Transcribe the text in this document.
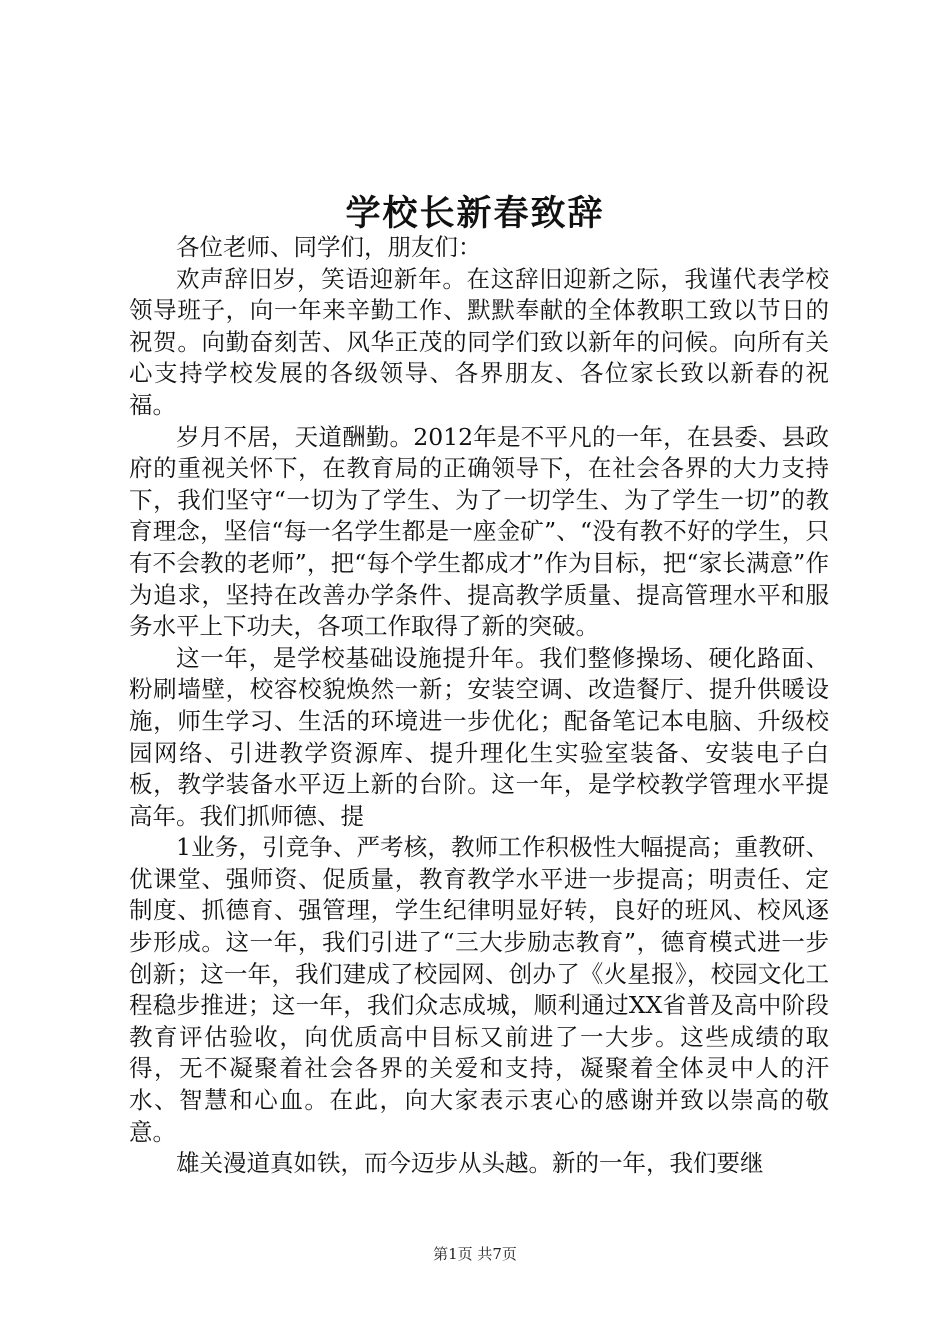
学校长新春致辞

各位老师、同学们，朋友们：

欢声辞旧岁，笑语迎新年。在这辞旧迎新之际，我谨代表学校领导班子，向一年来辛勤工作、默默奉献的全体教职工致以节日的祝贺。向勤奋刻苦、风华正茂的同学们致以新年的问候。向所有关心支持学校发展的各级领导、各界朋友、各位家长致以新春的祝福。

岁月不居，天道酬勤。2012年是不平凡的一年，在县委、县政府的重视关怀下，在教育局的正确领导下，在社会各界的大力支持下，我们坚守“一切为了学生、为了一切学生、为了学生一切”的教育理念，坚信“每一名学生都是一座金矿”、“没有教不好的学生，只有不会教的老师”，把“每个学生都成才”作为目标，把“家长满意”作为追求，坚持在改善办学条件、提高教学质量、提高管理水平和服务水平上下功夫，各项工作取得了新的突破。

这一年，是学校基础设施提升年。我们整修操场、硬化路面、粉刷墙壁，校容校貌焕然一新；安装空调、改造餐厅、提升供暖设施，师生学习、生活的环境进一步优化；配备笔记本电脑、升级校园网络、引进教学资源库、提升理化生实验室装备、安装电子白板，教学装备水平迈上新的台阶。这一年，是学校教学管理水平提高年。我们抓师德、提

1业务，引竞争、严考核，教师工作积极性大幅提高；重教研、优课堂、强师资、促质量，教育教学水平进一步提高；明责任、定制度、抓德育、强管理，学生纪律明显好转，良好的班风、校风逐步形成。这一年，我们引进了“三大步励志教育”，德育模式进一步创新；这一年，我们建成了校园网、创办了《火星报》，校园文化工程稳步推进；这一年，我们众志成城，顺利通过XX省普及高中阶段教育评估验收，向优质高中目标又前进了一大步。这些成绩的取得，无不凝聚着社会各界的关爱和支持，凝聚着全体灵中人的汗水、智慧和心血。在此，向大家表示衷心的感谢并致以崇高的敬意。

雄关漫道真如铁，而今迈步从头越。新的一年，我们要继

第1页 共7页
